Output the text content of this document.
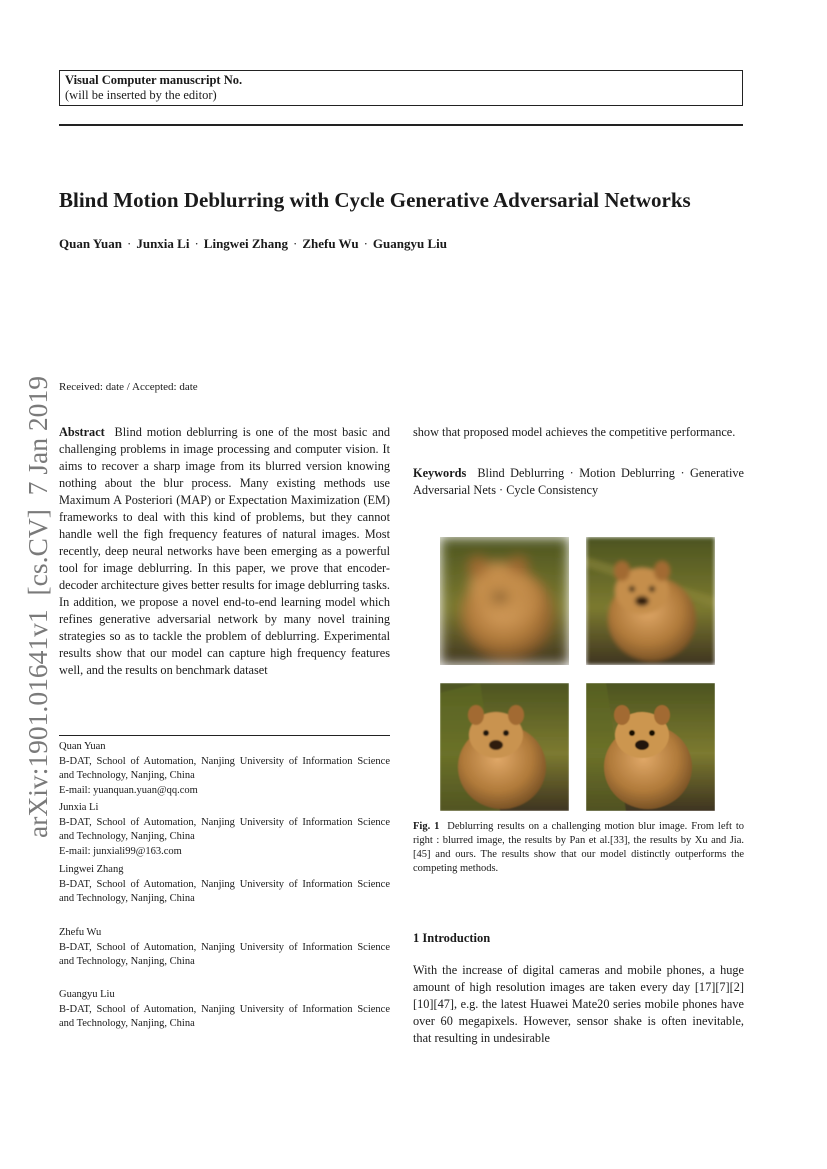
Visual Computer manuscript No.
(will be inserted by the editor)
Blind Motion Deblurring with Cycle Generative Adversarial Networks
Quan Yuan · Junxia Li · Lingwei Zhang · Zhefu Wu · Guangyu Liu
arXiv:1901.01641v1  [cs.CV]  7 Jan 2019 Received: date / Accepted: date
Abstract Blind motion deblurring is one of the most basic and challenging problems in image processing and computer vision. It aims to recover a sharp image from its blurred version knowing nothing about the blur process. Many existing methods use Maximum A Posteriori (MAP) or Expectation Maximization (EM) frameworks to deal with this kind of problems, but they cannot handle well the figh frequency features of natural images. Most recently, deep neural networks have been emerging as a powerful tool for image deblurring. In this paper, we prove that encoder-decoder architecture gives better results for image deblurring tasks. In addition, we propose a novel end-to-end learning model which refines generative adversarial network by many novel training strategies so as to tackle the problem of deblurring. Experimental results show that our model can capture high frequency features well, and the results on benchmark dataset
show that proposed model achieves the competitive performance.
Keywords Blind Deblurring · Motion Deblurring · Generative Adversarial Nets · Cycle Consistency
Quan Yuan
B-DAT, School of Automation, Nanjing University of Information Science and Technology, Nanjing, China
E-mail: yuanquan.yuan@qq.com
Junxia Li
B-DAT, School of Automation, Nanjing University of Information Science and Technology, Nanjing, China
E-mail: junxiali99@163.com
Lingwei Zhang
B-DAT, School of Automation, Nanjing University of Information Science and Technology, Nanjing, China
Zhefu Wu
B-DAT, School of Automation, Nanjing University of Information Science and Technology, Nanjing, China
Guangyu Liu
B-DAT, School of Automation, Nanjing University of Information Science and Technology, Nanjing, China
Fig. 1 Deblurring results on a challenging motion blur image. From left to right : blurred image, the results by Pan et al.[33], the results by Xu and Jia. [45] and ours. The results show that our model distinctly outperforms the competing methods.
1 Introduction
With the increase of digital cameras and mobile phones, a huge amount of high resolution images are taken every day [17][7][2][10][47], e.g. the latest Huawei Mate20 series mobile phones have over 60 megapixels. However, sensor shake is often inevitable, that resulting in undesirable
